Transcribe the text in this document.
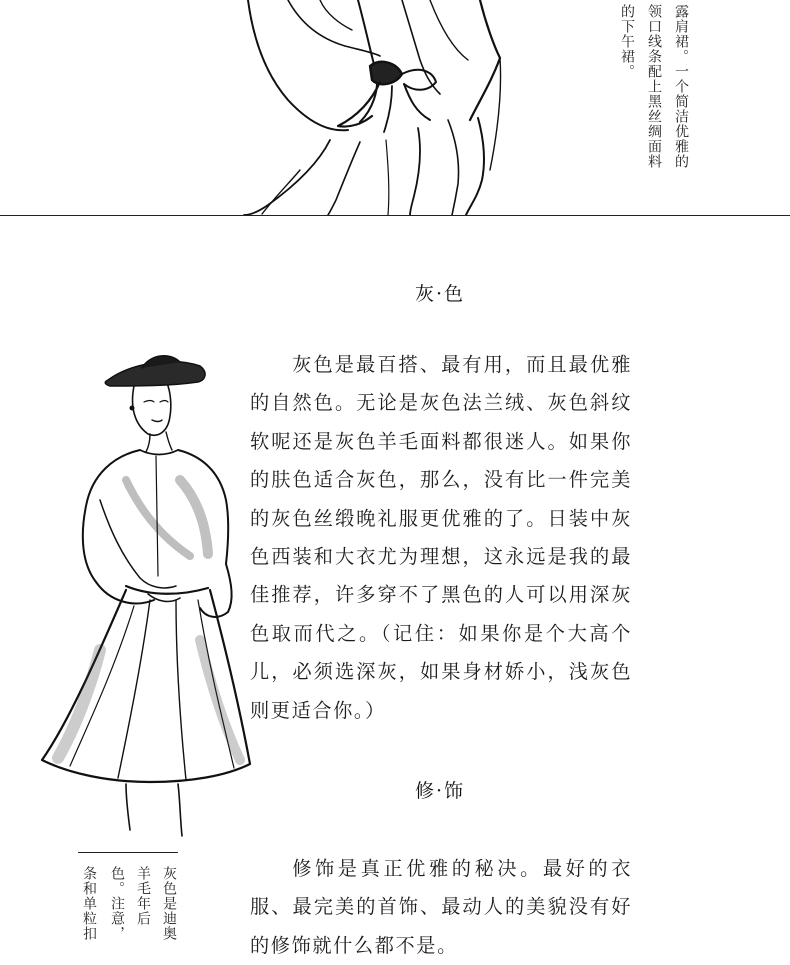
露肩裙。一个简洁优雅的
领口线条配上黑丝绸面料
的下午裙。
灰·色

灰色是最百搭、最有用，而且最优雅的自然色。无论是灰色法兰绒、灰色斜纹软呢还是灰色羊毛面料都很迷人。如果你的肤色适合灰色，那么，没有比一件完美的灰色丝缎晚礼服更优雅的了。日装中灰色西装和大衣尤为理想，这永远是我的最佳推荐，许多穿不了黑色的人可以用深灰色取而代之。（记住：如果你是个大高个儿，必须选深灰，如果身材娇小，浅灰色则更适合你。）

修·饰

修饰是真正优雅的秘决。最好的衣服、最完美的首饰、最动人的美貌没有好的修饰就什么都不是。

灰色是迪奥
羊毛年后
色。注意，
条和单粒扣
